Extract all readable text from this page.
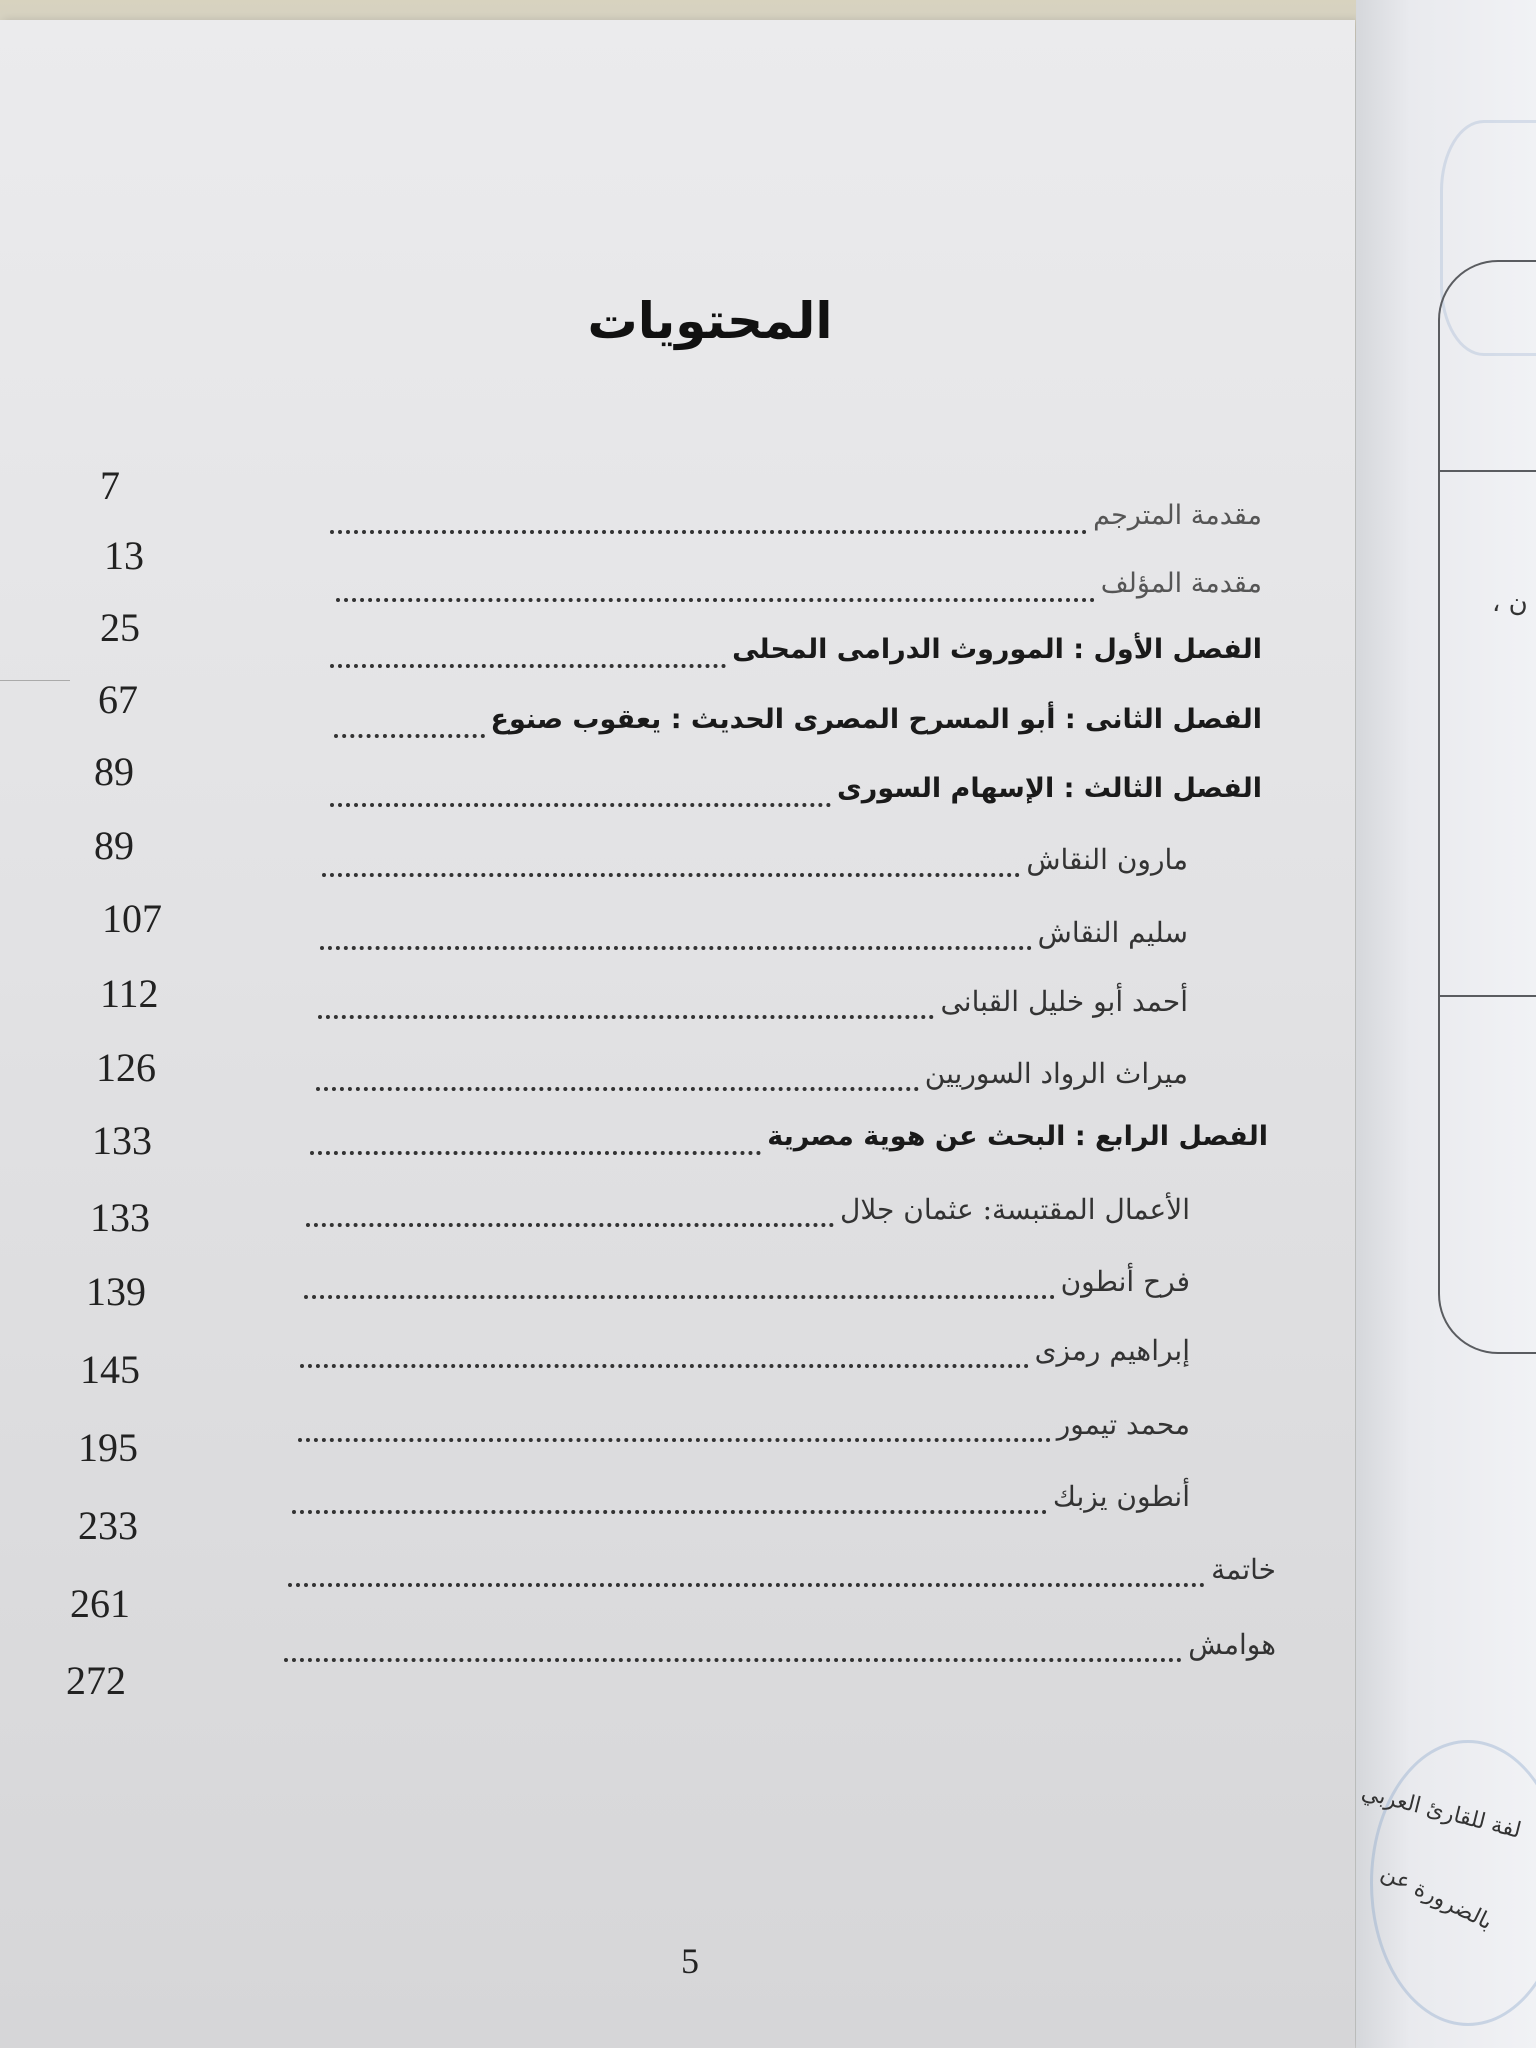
ن ،
لفة للقارئ العربي
بالضرورة عن
المحتويات
مقدمة المترجم
7
مقدمة المؤلف
13
الفصل الأول : الموروث الدرامى المحلى
25
الفصل الثانى : أبو المسرح المصرى الحديث : يعقوب صنوع
67
الفصل الثالث : الإسهام السورى
89
مارون النقاش
89
سليم النقاش
107
أحمد أبو خليل القبانى
112
ميراث الرواد السوريين
126
الفصل الرابع : البحث عن هوية مصرية
133
الأعمال المقتبسة: عثمان جلال
133
فرح أنطون
139
إبراهيم رمزى
145
محمد تيمور
195
أنطون يزبك
233
خاتمة
261
هوامش
272
5
